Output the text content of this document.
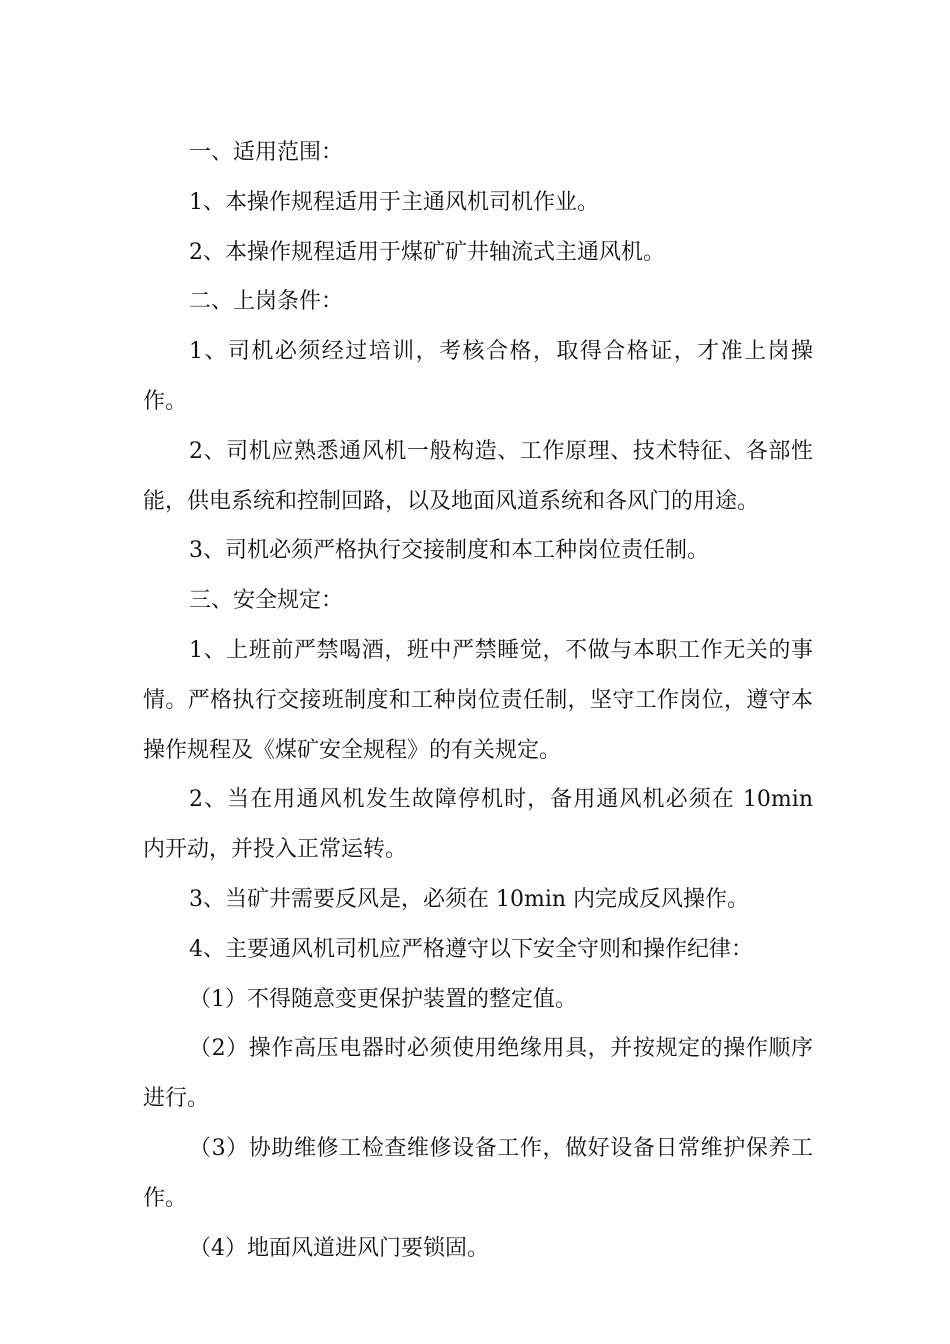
一、适用范围：

1、本操作规程适用于主通风机司机作业。

2、本操作规程适用于煤矿矿井轴流式主通风机。

二、上岗条件：

1、司机必须经过培训，考核合格，取得合格证，才准上岗操作。

2、司机应熟悉通风机一般构造、工作原理、技术特征、各部性能，供电系统和控制回路，以及地面风道系统和各风门的用途。

3、司机必须严格执行交接制度和本工种岗位责任制。

三、安全规定：

1、上班前严禁喝酒，班中严禁睡觉，不做与本职工作无关的事情。严格执行交接班制度和工种岗位责任制，坚守工作岗位，遵守本操作规程及《煤矿安全规程》的有关规定。

2、当在用通风机发生故障停机时，备用通风机必须在 10min 内开动，并投入正常运转。

3、当矿井需要反风是，必须在 10min 内完成反风操作。

4、主要通风机司机应严格遵守以下安全守则和操作纪律：

（1）不得随意变更保护装置的整定值。

（2）操作高压电器时必须使用绝缘用具，并按规定的操作顺序进行。

（3）协助维修工检查维修设备工作，做好设备日常维护保养工作。

（4）地面风道进风门要锁固。
